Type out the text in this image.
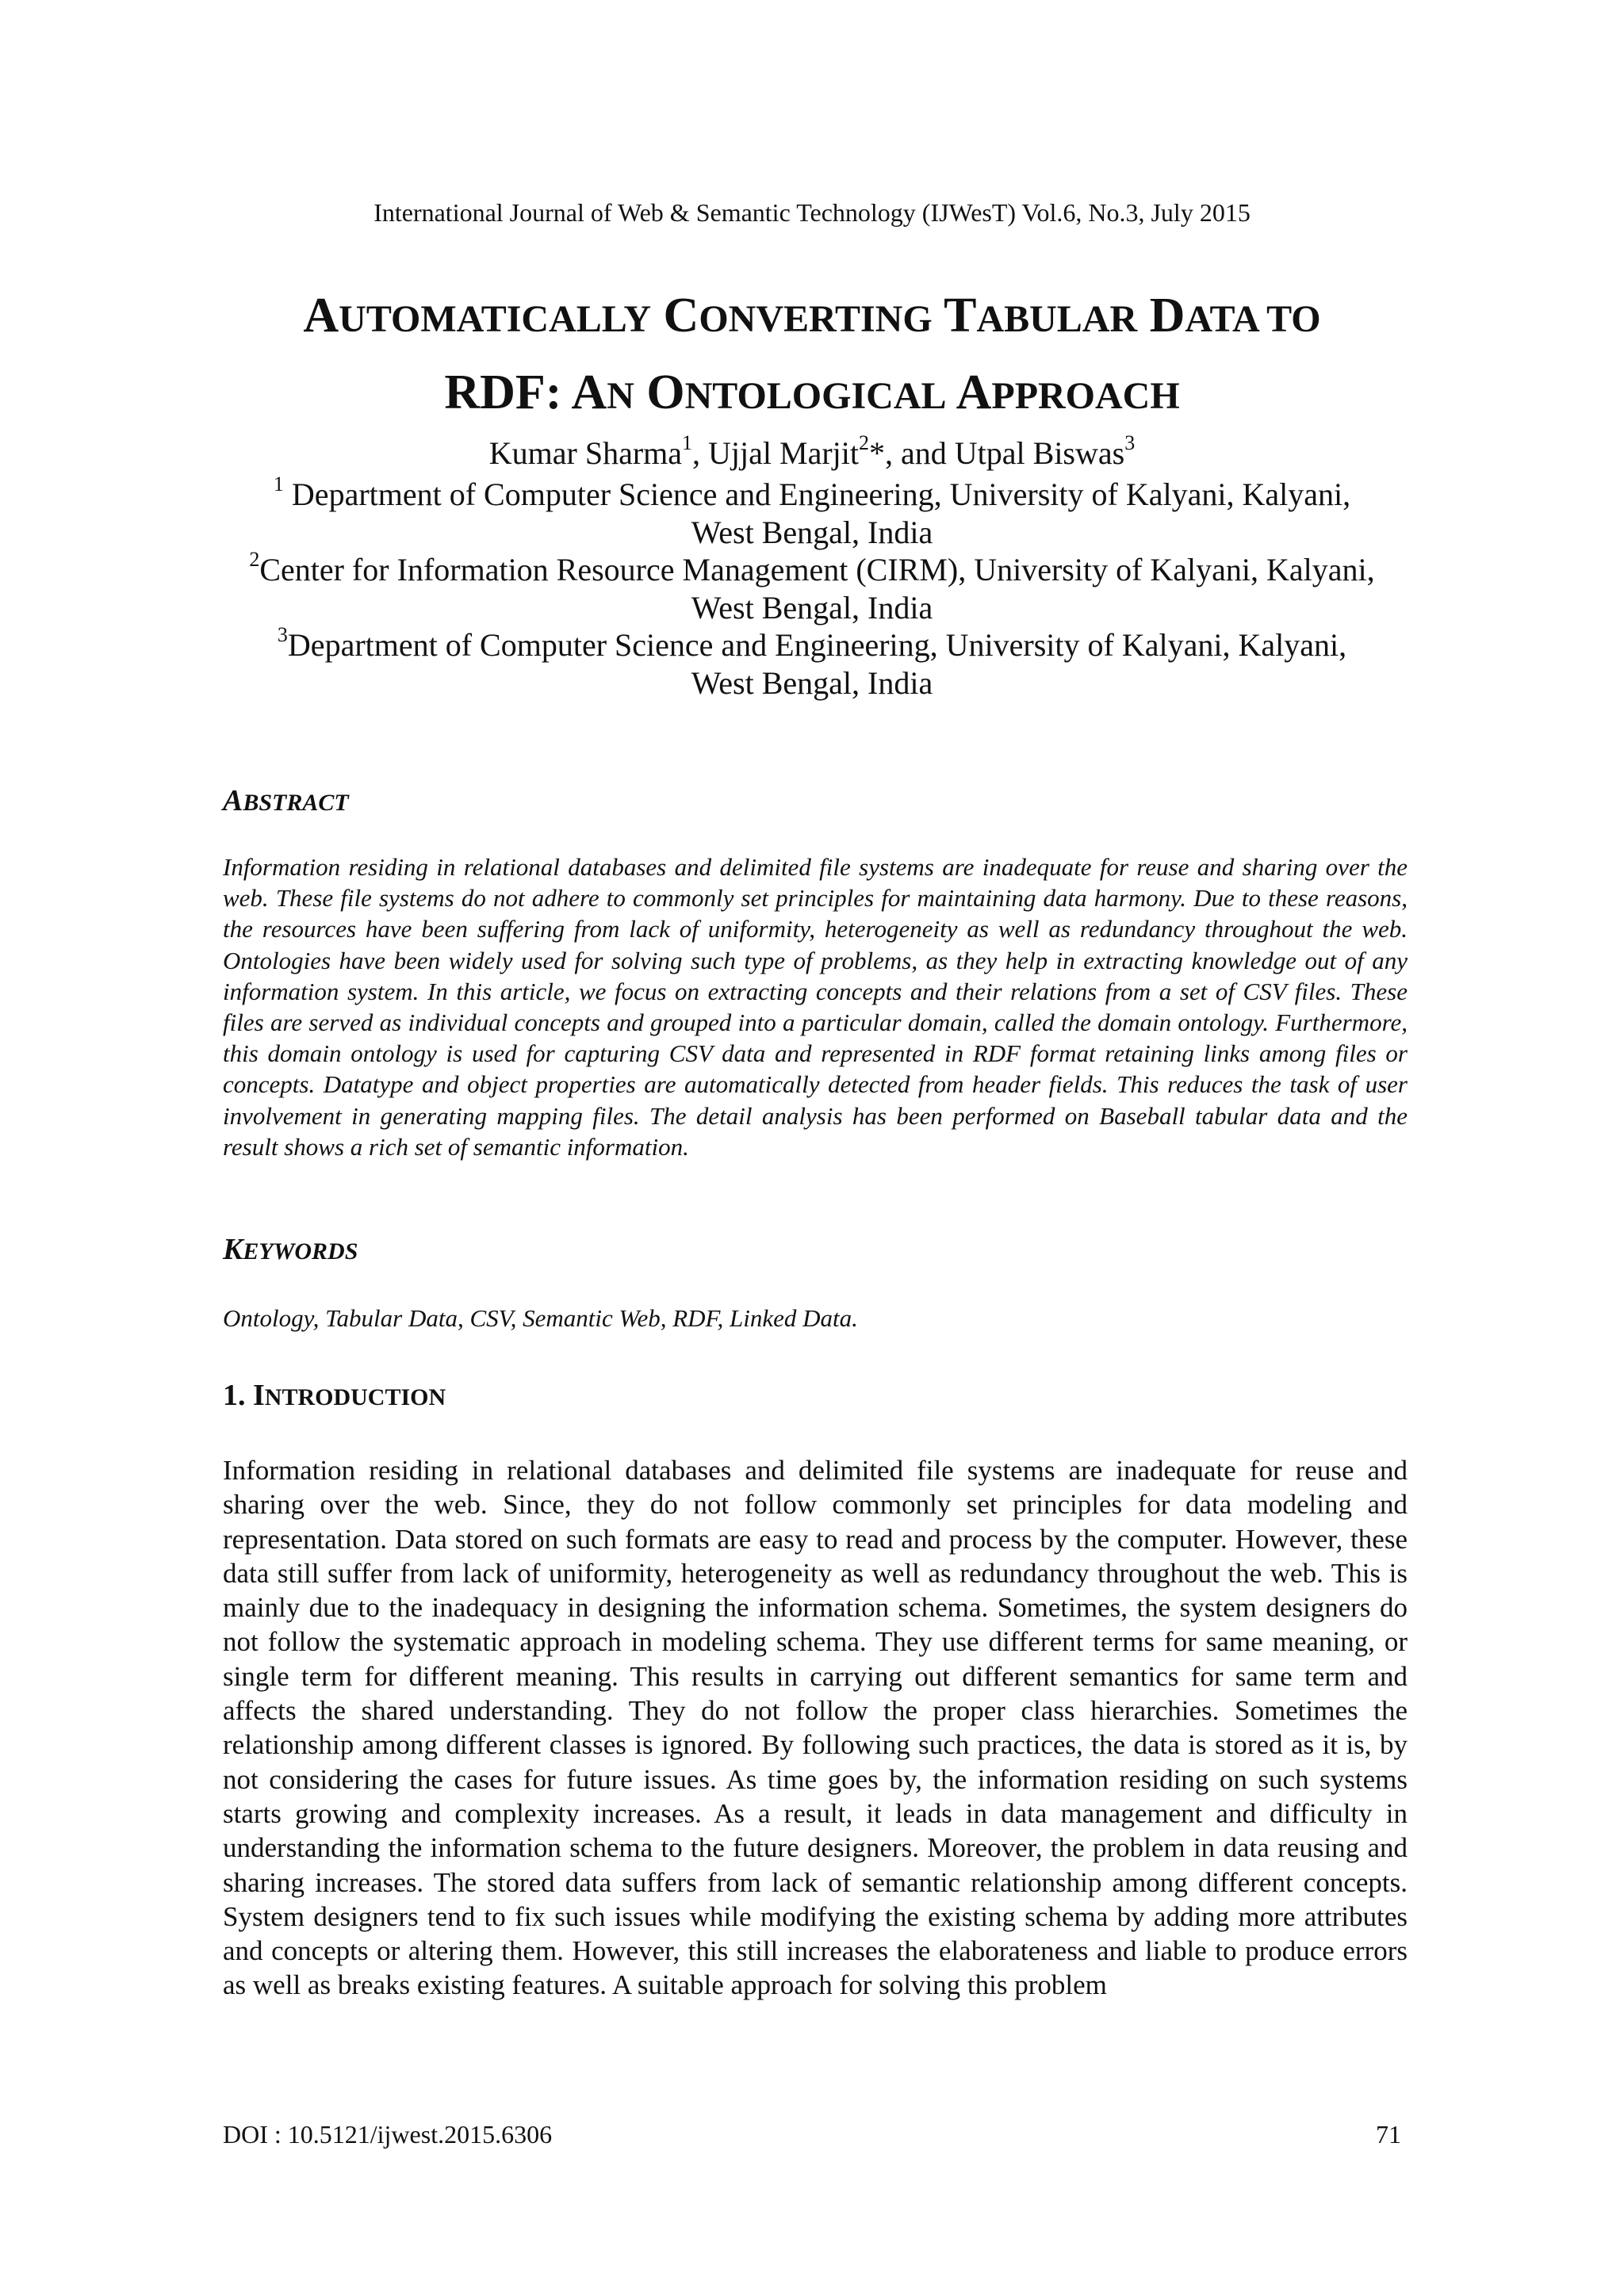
International Journal of Web & Semantic Technology (IJWesT) Vol.6, No.3, July 2015
AUTOMATICALLY CONVERTING TABULAR DATA TO
RDF: AN ONTOLOGICAL APPROACH
Kumar Sharma$^1$, Ujjal Marjit$^2$*, and Utpal Biswas$^3$

$^1$ Department of Computer Science and Engineering, University of Kalyani, Kalyani,
West Bengal, India

$^2$Center for Information Resource Management (CIRM), University of Kalyani, Kalyani,
West Bengal, India

$^3$Department of Computer Science and Engineering, University of Kalyani, Kalyani,
West Bengal, India

ABSTRACT

Information residing in relational databases and delimited file systems are inadequate for reuse and sharing over the web. These file systems do not adhere to commonly set principles for maintaining data harmony. Due to these reasons, the resources have been suffering from lack of uniformity, heterogeneity as well as redundancy throughout the web. Ontologies have been widely used for solving such type of problems, as they help in extracting knowledge out of any information system. In this article, we focus on extracting concepts and their relations from a set of CSV files. These files are served as individual concepts and grouped into a particular domain, called the domain ontology. Furthermore, this domain ontology is used for capturing CSV data and represented in RDF format retaining links among files or concepts. Datatype and object properties are automatically detected from header fields. This reduces the task of user involvement in generating mapping files. The detail analysis has been performed on Baseball tabular data and the result shows a rich set of semantic information.

KEYWORDS

Ontology, Tabular Data, CSV, Semantic Web, RDF, Linked Data.

1. INTRODUCTION

Information residing in relational databases and delimited file systems are inadequate for reuse and sharing over the web. Since, they do not follow commonly set principles for data modeling and representation. Data stored on such formats are easy to read and process by the computer. However, these data still suffer from lack of uniformity, heterogeneity as well as redundancy throughout the web. This is mainly due to the inadequacy in designing the information schema. Sometimes, the system designers do not follow the systematic approach in modeling schema. They use different terms for same meaning, or single term for different meaning. This results in carrying out different semantics for same term and affects the shared understanding. They do not follow the proper class hierarchies. Sometimes the relationship among different classes is ignored. By following such practices, the data is stored as it is, by not considering the cases for future issues. As time goes by, the information residing on such systems starts growing and complexity increases. As a result, it leads in data management and difficulty in understanding the information schema to the future designers. Moreover, the problem in data reusing and sharing increases. The stored data suffers from lack of semantic relationship among different concepts. System designers tend to fix such issues while modifying the existing schema by adding more attributes and concepts or altering them. However, this still increases the elaborateness and liable to produce errors as well as breaks existing features. A suitable approach for solving this problem

DOI : 10.5121/ijwest.2015.6306	71
